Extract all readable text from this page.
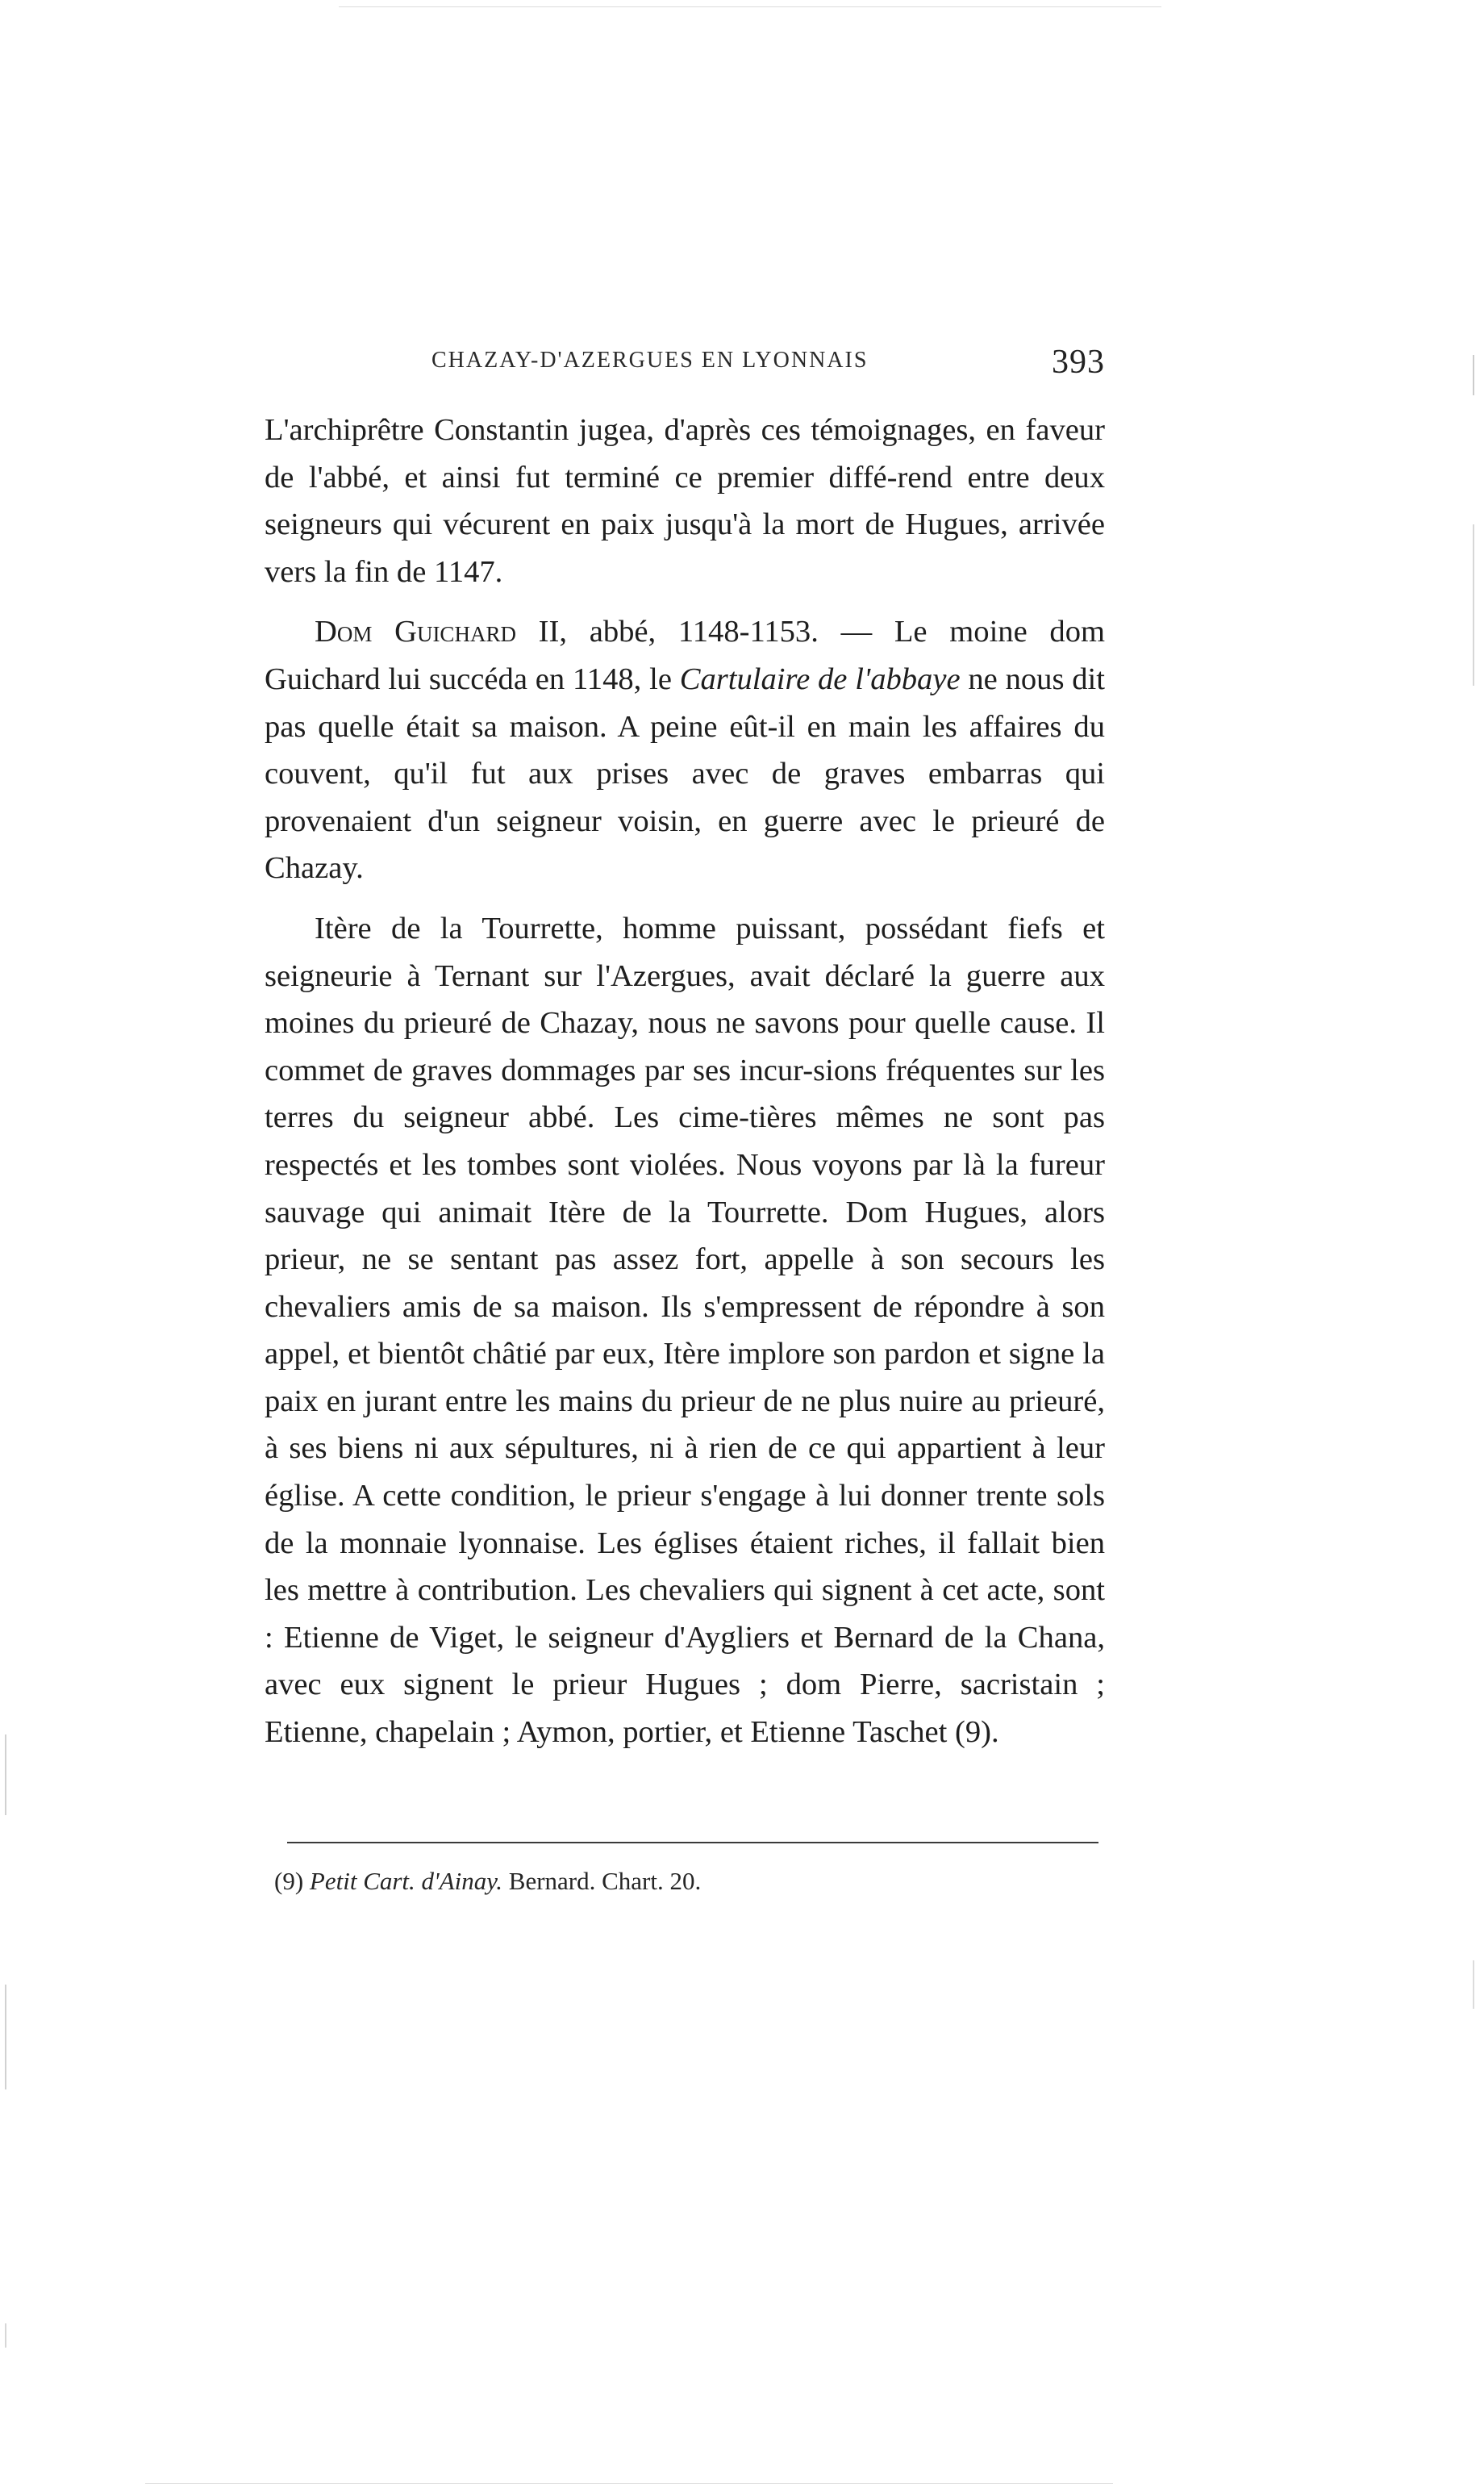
CHAZAY-D'AZERGUES EN LYONNAIS	393

L'archiprêtre Constantin jugea, d'après ces témoignages, en faveur de l'abbé, et ainsi fut terminé ce premier diffé-rend entre deux seigneurs qui vécurent en paix jusqu'à la mort de Hugues, arrivée vers la fin de 1147.

Dom Guichard II, abbé, 1148-1153. — Le moine dom Guichard lui succéda en 1148, le Cartulaire de l'abbaye ne nous dit pas quelle était sa maison. A peine eût-il en main les affaires du couvent, qu'il fut aux prises avec de graves embarras qui provenaient d'un seigneur voisin, en guerre avec le prieuré de Chazay.

Itère de la Tourrette, homme puissant, possédant fiefs et seigneurie à Ternant sur l'Azergues, avait déclaré la guerre aux moines du prieuré de Chazay, nous ne savons pour quelle cause. Il commet de graves dommages par ses incur-sions fréquentes sur les terres du seigneur abbé. Les cime-tières mêmes ne sont pas respectés et les tombes sont violées. Nous voyons par là la fureur sauvage qui animait Itère de la Tourrette. Dom Hugues, alors prieur, ne se sentant pas assez fort, appelle à son secours les chevaliers amis de sa maison. Ils s'empressent de répondre à son appel, et bientôt châtié par eux, Itère implore son pardon et signe la paix en jurant entre les mains du prieur de ne plus nuire au prieuré, à ses biens ni aux sépultures, ni à rien de ce qui appartient à leur église. A cette condition, le prieur s'engage à lui donner trente sols de la monnaie lyonnaise. Les églises étaient riches, il fallait bien les mettre à contribution. Les chevaliers qui signent à cet acte, sont : Etienne de Viget, le seigneur d'Aygliers et Bernard de la Chana, avec eux signent le prieur Hugues ; dom Pierre, sacristain ; Etienne, chapelain ; Aymon, portier, et Etienne Taschet (9).

(9) Petit Cart. d'Ainay. Bernard. Chart. 20.
